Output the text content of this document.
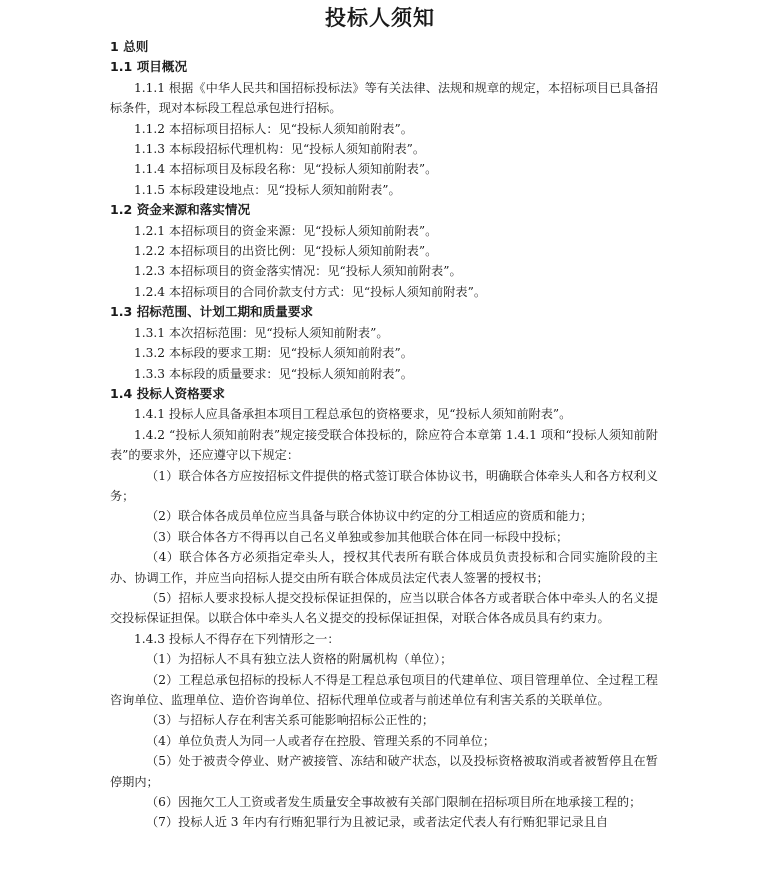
投标人须知
1 总则
1.1 项目概况
1.1.1 根据《中华人民共和国招标投标法》等有关法律、法规和规章的规定，本招标项目已具备招标条件，现对本标段工程总承包进行招标。
1.1.2 本招标项目招标人：见“投标人须知前附表”。
1.1.3 本标段招标代理机构：见“投标人须知前附表”。
1.1.4 本招标项目及标段名称：见“投标人须知前附表”。
1.1.5 本标段建设地点：见“投标人须知前附表”。
1.2 资金来源和落实情况
1.2.1 本招标项目的资金来源：见“投标人须知前附表”。
1.2.2 本招标项目的出资比例：见“投标人须知前附表”。
1.2.3 本招标项目的资金落实情况：见“投标人须知前附表”。
1.2.4 本招标项目的合同价款支付方式：见“投标人须知前附表”。
1.3 招标范围、计划工期和质量要求
1.3.1 本次招标范围：见“投标人须知前附表”。
1.3.2 本标段的要求工期：见“投标人须知前附表”。
1.3.3 本标段的质量要求：见“投标人须知前附表”。
1.4 投标人资格要求
1.4.1 投标人应具备承担本项目工程总承包的资格要求，见“投标人须知前附表”。
1.4.2 “投标人须知前附表”规定接受联合体投标的，除应符合本章第 1.4.1 项和“投标人须知前附表”的要求外，还应遵守以下规定：
（1）联合体各方应按招标文件提供的格式签订联合体协议书，明确联合体牵头人和各方权利义务；
（2）联合体各成员单位应当具备与联合体协议中约定的分工相适应的资质和能力；
（3）联合体各方不得再以自己名义单独或参加其他联合体在同一标段中投标；
（4）联合体各方必须指定牵头人，授权其代表所有联合体成员负责投标和合同实施阶段的主办、协调工作，并应当向招标人提交由所有联合体成员法定代表人签署的授权书；
（5）招标人要求投标人提交投标保证担保的，应当以联合体各方或者联合体中牵头人的名义提交投标保证担保。以联合体中牵头人名义提交的投标保证担保，对联合体各成员具有约束力。
1.4.3 投标人不得存在下列情形之一：
（1）为招标人不具有独立法人资格的附属机构（单位）；
（2）工程总承包招标的投标人不得是工程总承包项目的代建单位、项目管理单位、全过程工程咨询单位、监理单位、造价咨询单位、招标代理单位或者与前述单位有利害关系的关联单位。
（3）与招标人存在利害关系可能影响招标公正性的；
（4）单位负责人为同一人或者存在控股、管理关系的不同单位；
（5）处于被责令停业、财产被接管、冻结和破产状态，以及投标资格被取消或者被暂停且在暂停期内；
（6）因拖欠工人工资或者发生质量安全事故被有关部门限制在招标项目所在地承接工程的；
（7）投标人近 3 年内有行贿犯罪行为且被记录，或者法定代表人有行贿犯罪记录且自
